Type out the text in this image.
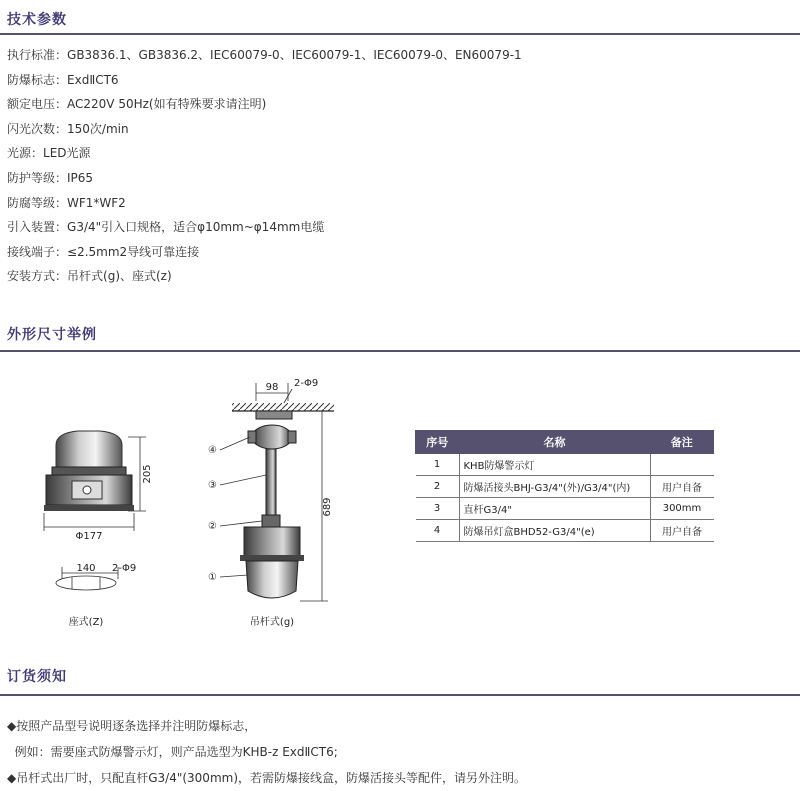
技术参数
执行标准：GB3836.1、GB3836.2、IEC60079-0、IEC60079-1、IEC60079-0、EN60079-1
防爆标志：ExdⅡCT6
额定电压：AC220V 50Hz(如有特殊要求请注明)
闪光次数：150次/min
光源：LED光源
防护等级：IP65
防腐等级：WF1*WF2
引入装置：G3/4"引入口规格，适合φ10mm~φ14mm电缆
接线端子：≤2.5mm2导线可靠连接
安装方式：吊杆式(g)、座式(z)
外形尺寸举例
205
Φ177
140 2-Φ9
座式(Z)
98 2-Φ9
689
④
③
②
①
吊杆式(g)
序号	名称	备注
1	KHB防爆警示灯	
2	防爆活接头BHJ-G3/4"(外)/G3/4"(内)	用户自备
3	直杆G3/4"	300mm
4	防爆吊灯盒BHD52-G3/4"(e)	用户自备
订货须知
◆按照产品型号说明逐条选择并注明防爆标志，
例如：需要座式防爆警示灯，则产品选型为KHB-z ExdⅡCT6;
◆吊杆式出厂时，只配直杆G3/4"(300mm)，若需防爆接线盒，防爆活接头等配件，请另外注明。
